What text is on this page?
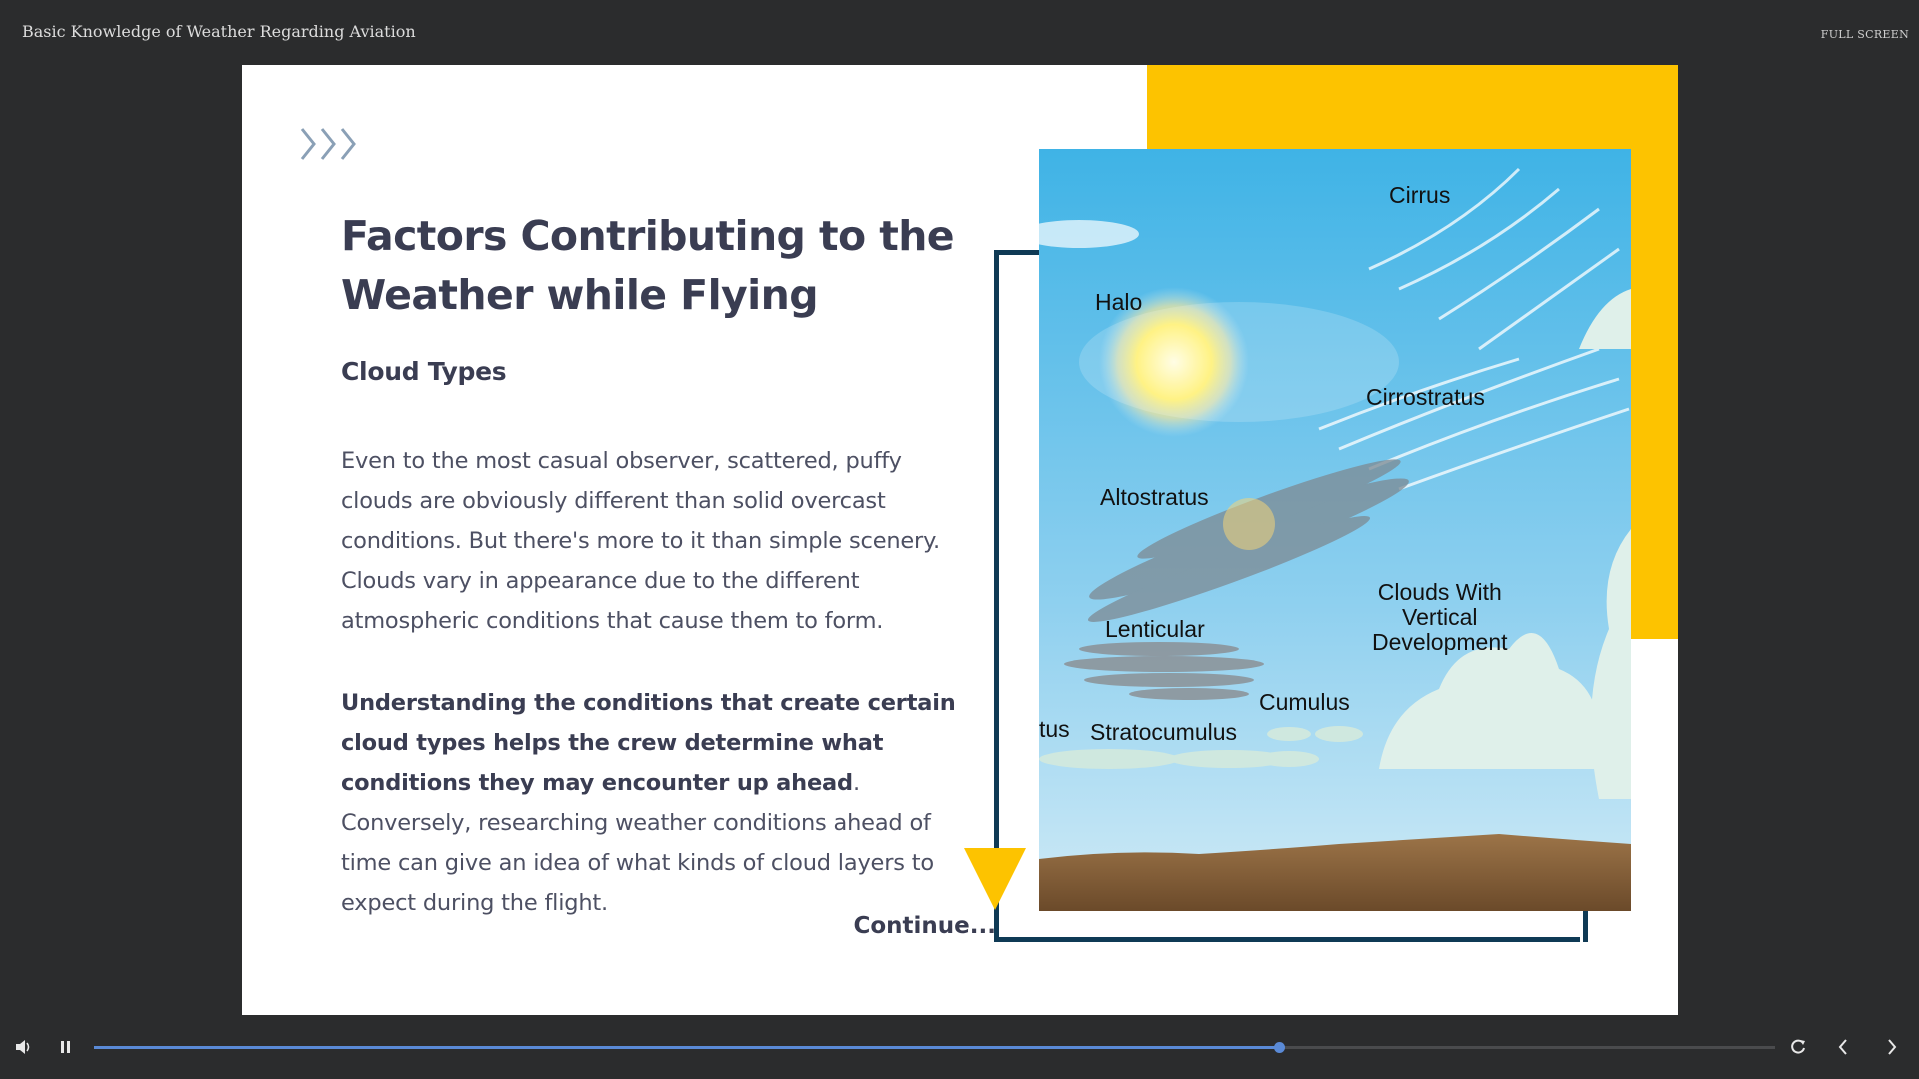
Basic Knowledge of Weather Regarding Aviation	FULL SCREEN
Factors Contributing to the Weather while Flying
Cloud Types
Even to the most casual observer, scattered, puffy clouds are obviously different than solid overcast conditions. But there's more to it than simple scenery. Clouds vary in appearance due to the different atmospheric conditions that cause them to form.
Understanding the conditions that create certain cloud types helps the crew determine what conditions they may encounter up ahead. Conversely, researching weather conditions ahead of time can give an idea of what kinds of cloud layers to expect during the flight.
Continue...
Cirrus
Halo
Cirrostratus
Altostratus
Clouds With
Vertical
Development
Lenticular
Cumulus
tus Stratocumulus
